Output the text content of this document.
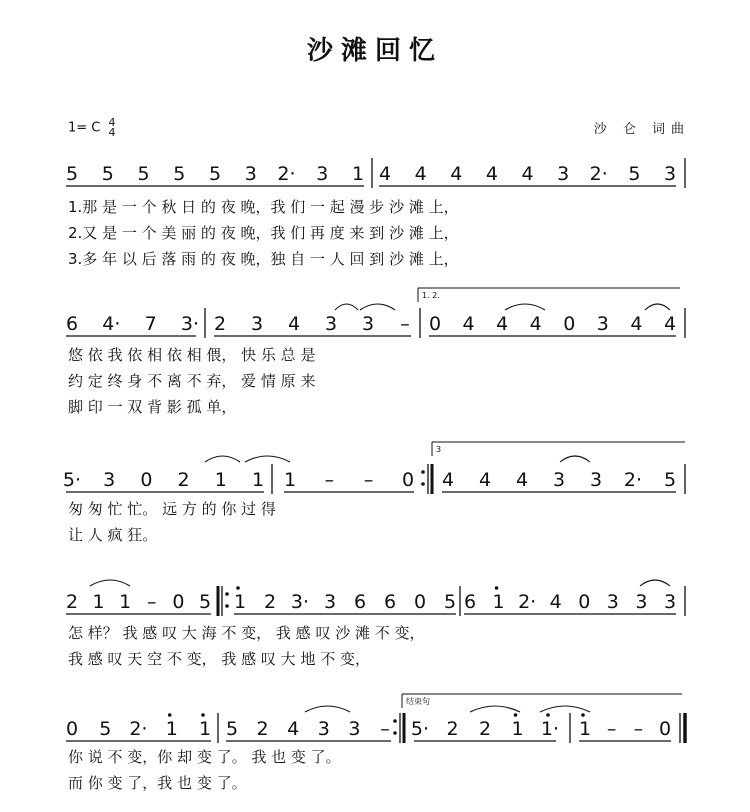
沙滩回忆
1= C 4
4	沙 仑 词曲
5 5 5 5 5 3 2· 3 1 4 4 4 4 4 3 2· 5 3
6 4· 7 3· 2 3 4 3 3 – 0 4 4 4 0 3 4 4
5· 3 0 2 1 1 1 – – 0 4 4 4 3 3 2· 5
2 1 1 – 0 5 1 2 3· 3 6 6 0 5 6 1 2· 4 0 3 3 3
0 5 2· 1 1 5 2 4 3 3 – 5· 2 2 1 1· 1 – – 0
1.那 是 一 个 秋 日 的 夜 晚，我 们 一 起 漫 步 沙 滩 上，
2.又 是 一 个 美 丽 的 夜 晚，我 们 再 度 来 到 沙 滩 上，
3.多 年 以 后 落 雨 的 夜 晚，独 自 一 人 回 到 沙 滩 上，
悠 依 我 依 相 依 相 偎， 快 乐 总 是
约 定 终 身 不 离 不 弃， 爱 情 原 来
脚 印 一 双 背 影 孤 单，
匆 匆 忙 忙。 远 方 的 你 过 得
让 人 疯 狂。
怎 样？ 我 感 叹 大 海 不 变， 我 感 叹 沙 滩 不 变，
我 感 叹 天 空 不 变， 我 感 叹 大 地 不 变，
你 说 不 变，你 却 变 了。 我 也 变 了。
而 你 变 了，我 也 变 了。
1. 2.
3
结束句
